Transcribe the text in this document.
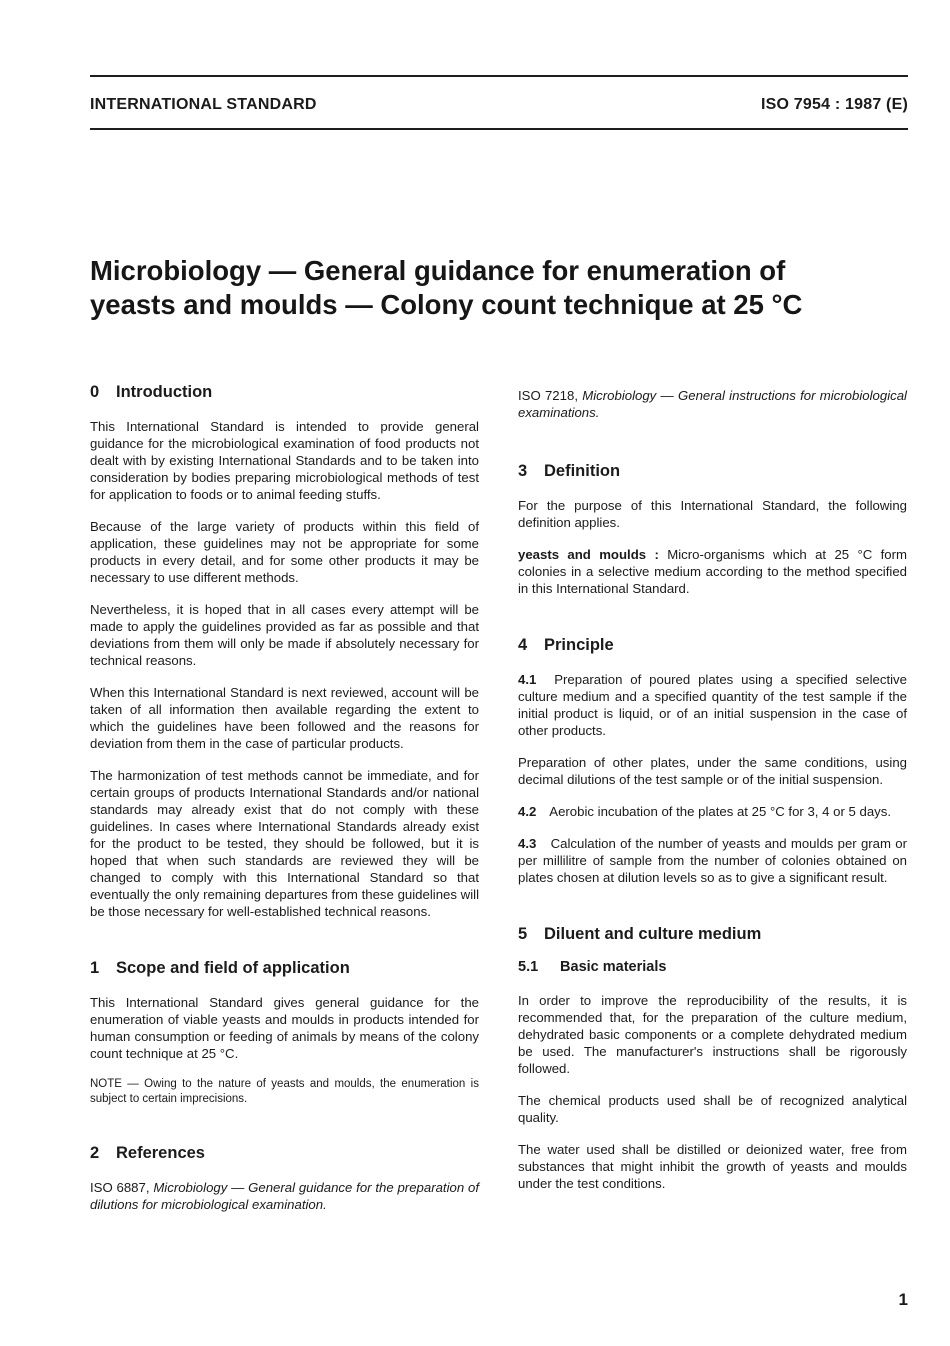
INTERNATIONAL STANDARD	ISO 7954 : 1987 (E)
Microbiology — General guidance for enumeration of
yeasts and moulds — Colony count technique at 25 °C
0	Introduction

This International Standard is intended to provide general guidance for the microbiological examination of food products not dealt with by existing International Standards and to be taken into consideration by bodies preparing microbiological methods of test for application to foods or to animal feeding stuffs.

Because of the large variety of products within this field of application, these guidelines may not be appropriate for some products in every detail, and for some other products it may be necessary to use different methods.

Nevertheless, it is hoped that in all cases every attempt will be made to apply the guidelines provided as far as possible and that deviations from them will only be made if absolutely necessary for technical reasons.

When this International Standard is next reviewed, account will be taken of all information then available regarding the extent to which the guidelines have been followed and the reasons for deviation from them in the case of particular products.

The harmonization of test methods cannot be immediate, and for certain groups of products International Standards and/or national standards may already exist that do not comply with these guidelines. In cases where International Standards already exist for the product to be tested, they should be followed, but it is hoped that when such standards are reviewed they will be changed to comply with this International Standard so that eventually the only remaining departures from these guidelines will be those necessary for well-established technical reasons.

1	Scope and field of application

This International Standard gives general guidance for the enumeration of viable yeasts and moulds in products intended for human consumption or feeding of animals by means of the colony count technique at 25 °C.

NOTE — Owing to the nature of yeasts and moulds, the enumeration is subject to certain imprecisions.

2	References

ISO 6887, Microbiology — General guidance for the preparation of dilutions for microbiological examination.

ISO 7218, Microbiology — General instructions for microbiological examinations.

3	Definition

For the purpose of this International Standard, the following definition applies.

yeasts and moulds : Micro-organisms which at 25 °C form colonies in a selective medium according to the method specified in this International Standard.

4	Principle

4.1 Preparation of poured plates using a specified selective culture medium and a specified quantity of the test sample if the initial product is liquid, or of an initial suspension in the case of other products.

Preparation of other plates, under the same conditions, using decimal dilutions of the test sample or of the initial suspension.

4.2 Aerobic incubation of the plates at 25 °C for 3, 4 or 5 days.

4.3 Calculation of the number of yeasts and moulds per gram or per millilitre of sample from the number of colonies obtained on plates chosen at dilution levels so as to give a significant result.

5	Diluent and culture medium
5.1 Basic materials

In order to improve the reproducibility of the results, it is recommended that, for the preparation of the culture medium, dehydrated basic components or a complete dehydrated medium be used. The manufacturer's instructions shall be rigorously followed.

The chemical products used shall be of recognized analytical quality.

The water used shall be distilled or deionized water, free from substances that might inhibit the growth of yeasts and moulds under the test conditions.

1
